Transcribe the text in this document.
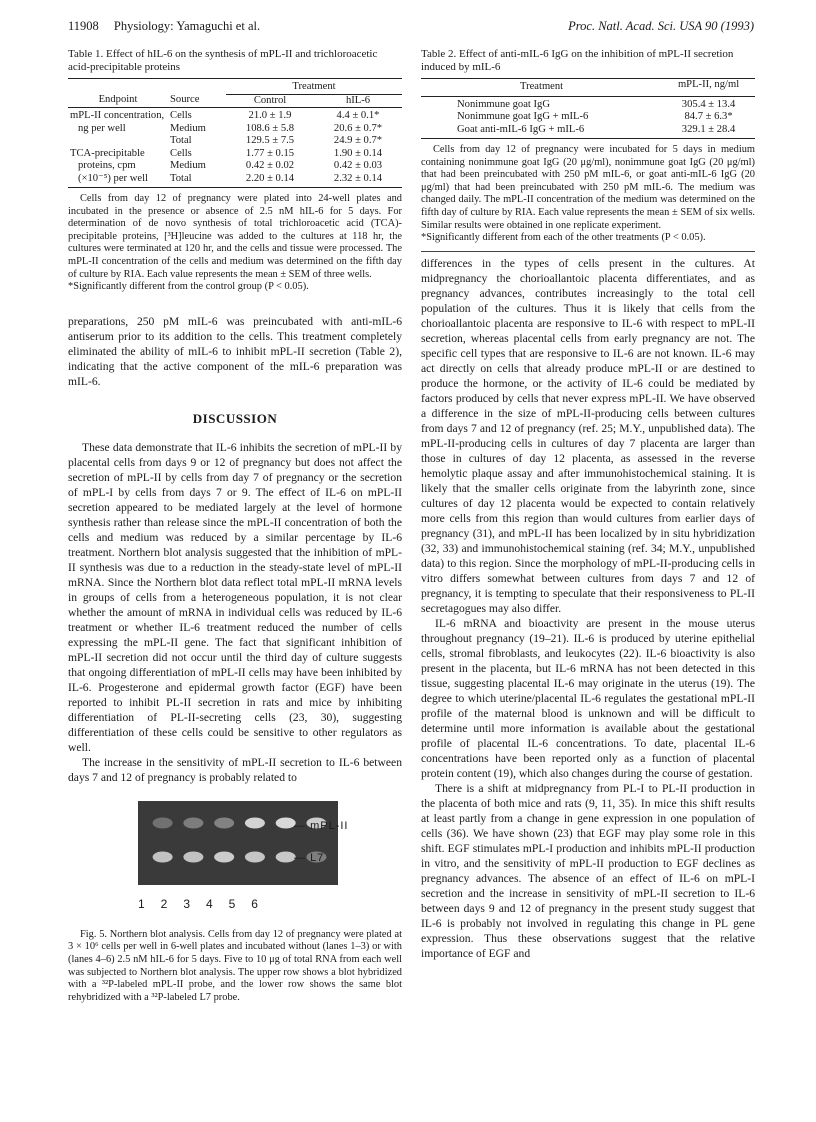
11908 Physiology: Yamaguchi et al.	Proc. Natl. Acad. Sci. USA 90 (1993)
Table 1. Effect of hIL-6 on the synthesis of mPL-II and trichloroacetic acid-precipitable proteins
		Treatment	
Endpoint	Source	Control	hIL-6
mPL-II concentration,	Cells	21.0 ± 1.9	4.4 ± 0.1*
ng per well	Medium	108.6 ± 5.8	20.6 ± 0.7*
	Total	129.5 ± 7.5	24.9 ± 0.7*
TCA-precipitable	Cells	1.77 ± 0.15	1.90 ± 0.14
proteins, cpm	Medium	0.42 ± 0.02	0.42 ± 0.03
(×10⁻⁵) per well	Total	2.20 ± 0.14	2.32 ± 0.14
Cells from day 12 of pregnancy were plated into 24-well plates and incubated in the presence or absence of 2.5 nM hIL-6 for 5 days. For determination of de novo synthesis of total trichloroacetic acid (TCA)-precipitable proteins, [³H]leucine was added to the cultures at 118 hr, the cultures were terminated at 120 hr, and the cells and tissue were processed. The mPL-II concentration of the cells and medium was determined on the fifth day of culture by RIA. Each value represents the mean ± SEM of three wells.
*Significantly different from the control group (P < 0.05).

preparations, 250 pM mIL-6 was preincubated with anti-mIL-6 antiserum prior to its addition to the cells. This treatment completely eliminated the ability of mIL-6 to inhibit mPL-II secretion (Table 2), indicating that the active component of the mIL-6 preparation was mIL-6.

DISCUSSION

These data demonstrate that IL-6 inhibits the secretion of mPL-II by placental cells from days 9 or 12 of pregnancy but does not affect the secretion of mPL-II by cells from day 7 of pregnancy or the secretion of mPL-I by cells from days 7 or 9. The effect of IL-6 on mPL-II secretion appeared to be mediated largely at the level of hormone synthesis rather than release since the mPL-II concentration of both the cells and medium was reduced by a similar percentage by IL-6 treatment. Northern blot analysis suggested that the inhibition of mPL-II synthesis was due to a reduction in the steady-state level of mPL-II mRNA. Since the Northern blot data reflect total mPL-II mRNA levels in groups of cells from a heterogeneous population, it is not clear whether the amount of mRNA in individual cells was reduced by IL-6 treatment or whether IL-6 treatment reduced the number of cells expressing the mPL-II gene. The fact that significant inhibition of mPL-II secretion did not occur until the third day of culture suggests that ongoing differentiation of mPL-II cells may have been inhibited by IL-6. Progesterone and epidermal growth factor (EGF) have been reported to inhibit PL-II secretion in rats and mice by inhibiting differentiation of PL-II-secreting cells (23, 30), suggesting differentiation of these cells could be sensitive to other regulators as well.

The increase in the sensitivity of mPL-II secretion to IL-6 between days 7 and 12 of pregnancy is probably related to

— mPL-II
— L7
1 2 3 4 5 6

Fig. 5. Northern blot analysis. Cells from day 12 of pregnancy were plated at 3 × 10⁶ cells per well in 6-well plates and incubated without (lanes 1–3) or with (lanes 4–6) 2.5 nM hIL-6 for 5 days. Five to 10 μg of total RNA from each well was subjected to Northern blot analysis. The upper row shows a blot hybridized with a ³²P-labeled mPL-II probe, and the lower row shows the same blot rehybridized with a ³²P-labeled L7 probe.

Table 2. Effect of anti-mIL-6 IgG on the inhibition of mPL-II secretion induced by mIL-6
Treatment	mPL-II, ng/ml
Nonimmune goat IgG	305.4 ± 13.4
Nonimmune goat IgG + mIL-6	84.7 ± 6.3*
Goat anti-mIL-6 IgG + mIL-6	329.1 ± 28.4
Cells from day 12 of pregnancy were incubated for 5 days in medium containing nonimmune goat IgG (20 μg/ml), nonimmune goat IgG (20 μg/ml) that had been preincubated with 250 pM mIL-6, or goat anti-mIL-6 IgG (20 μg/ml) that had been preincubated with 250 pM mIL-6. The medium was changed daily. The mPL-II concentration of the medium was determined on the fifth day of culture by RIA. Each value represents the mean ± SEM of six wells. Similar results were obtained in one replicate experiment.
*Significantly different from each of the other treatments (P < 0.05).

differences in the types of cells present in the cultures. At midpregnancy the chorioallantoic placenta differentiates, and as pregnancy advances, contributes increasingly to the total cell population of the cultures. Thus it is likely that cells from the chorioallantoic placenta are responsive to IL-6 with respect to mPL-II secretion, whereas placental cells from early pregnancy are not. The specific cell types that are responsive to IL-6 are not known. IL-6 may act directly on cells that already produce mPL-II or are destined to produce the hormone, or the activity of IL-6 could be mediated by factors produced by cells that never express mPL-II. We have observed a difference in the size of mPL-II-producing cells between cultures from days 7 and 12 of pregnancy (ref. 25; M.Y., unpublished data). The mPL-II-producing cells in cultures of day 7 placenta are larger than those in cultures of day 12 placenta, as assessed in the reverse hemolytic plaque assay and after immunohistochemical staining. It is likely that the smaller cells originate from the labyrinth zone, since cultures of day 12 placenta would be expected to contain relatively more cells from this region than would cultures from earlier days of pregnancy (31), and mPL-II has been localized by in situ hybridization (32, 33) and immunohistochemical staining (ref. 34; M.Y., unpublished data) to this region. Since the morphology of mPL-II-producing cells in vitro differs somewhat between cultures from days 7 and 12 of pregnancy, it is tempting to speculate that their responsiveness to PL-II secretagogues may also differ.

IL-6 mRNA and bioactivity are present in the mouse uterus throughout pregnancy (19–21). IL-6 is produced by uterine epithelial cells, stromal fibroblasts, and leukocytes (22). IL-6 bioactivity is also present in the placenta, but IL-6 mRNA has not been detected in this tissue, suggesting placental IL-6 may originate in the uterus (19). The degree to which uterine/placental IL-6 regulates the gestational mPL-II profile of the maternal blood is unknown and will be difficult to determine until more information is available about the gestational profile of placental IL-6 concentrations. To date, placental IL-6 concentrations have been reported only as a function of placental protein content (19), which also changes during the course of gestation.

There is a shift at midpregnancy from PL-I to PL-II production in the placenta of both mice and rats (9, 11, 35). In mice this shift results at least partly from a change in gene expression in one population of cells (36). We have shown (23) that EGF may play some role in this shift. EGF stimulates mPL-I production and inhibits mPL-II production in vitro, and the sensitivity of mPL-II production to EGF declines as pregnancy advances. The absence of an effect of IL-6 on mPL-I secretion and the increase in sensitivity of mPL-II secretion to IL-6 between days 9 and 12 of pregnancy in the present study suggest that IL-6 is probably not involved in regulating this change in PL gene expression. Thus these observations suggest that the relative importance of EGF and
